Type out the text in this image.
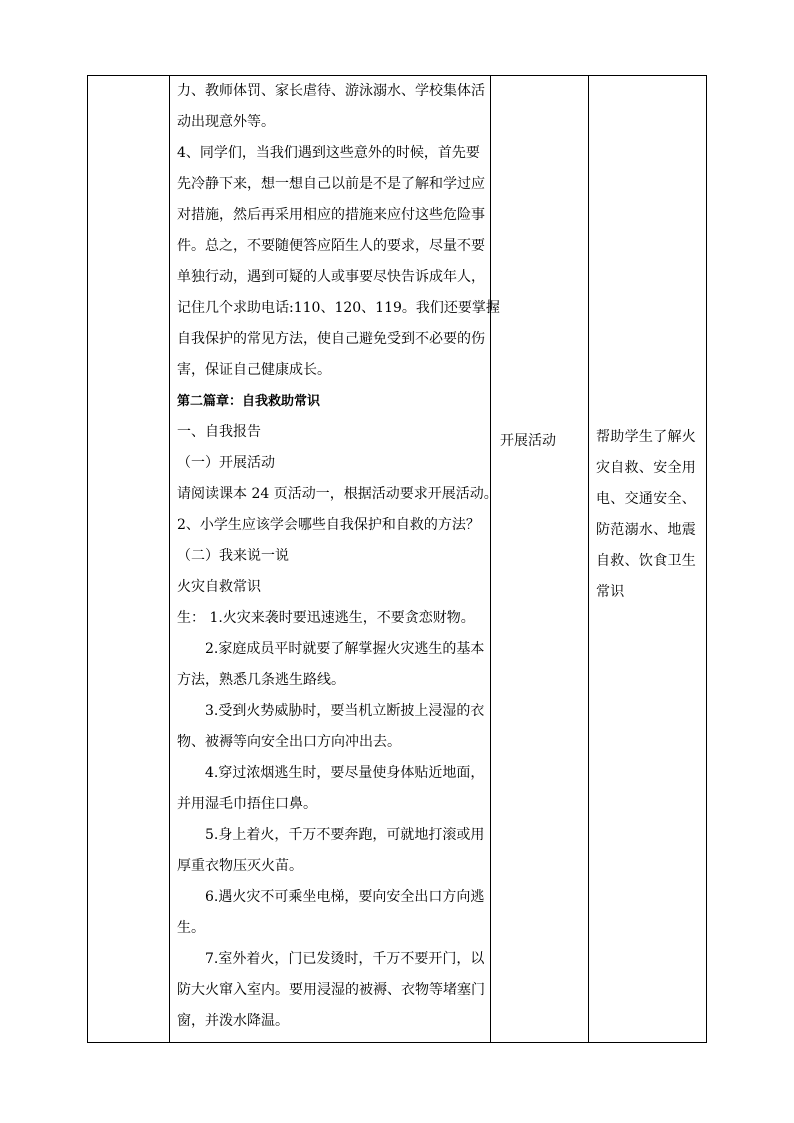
力、教师体罚、家长虐待、游泳溺水、学校集体活
动出现意外等。
4、同学们，当我们遇到这些意外的时候，首先要
先冷静下来，想一想自己以前是不是了解和学过应
对措施，然后再采用相应的措施来应付这些危险事
件。总之，不要随便答应陌生人的要求，尽量不要
单独行动，遇到可疑的人或事要尽快告诉成年人，
记住几个求助电话:110、120、119。我们还要掌握
自我保护的常见方法，使自己避免受到不必要的伤
害，保证自己健康成长。
第二篇章：自我救助常识
一、自我报告
（一）开展活动
请阅读课本 24 页活动一，根据活动要求开展活动。
2、小学生应该学会哪些自我保护和自救的方法？
（二）我来说一说
火灾自救常识
生： 1.火灾来袭时要迅速逃生，不要贪恋财物。
2.家庭成员平时就要了解掌握火灾逃生的基本
方法，熟悉几条逃生路线。
3.受到火势威胁时，要当机立断披上浸湿的衣
物、被褥等向安全出口方向冲出去。
4.穿过浓烟逃生时，要尽量使身体贴近地面，
并用湿毛巾捂住口鼻。
5.身上着火，千万不要奔跑，可就地打滚或用
厚重衣物压灭火苗。
6.遇火灾不可乘坐电梯，要向安全出口方向逃
生。
7.室外着火，门已发烫时，千万不要开门，以
防大火窜入室内。要用浸湿的被褥、衣物等堵塞门
窗，并泼水降温。
开展活动	帮助学生了解火
灾自救、安全用
电、交通安全、
防范溺水、地震
自救、饮食卫生
常识
